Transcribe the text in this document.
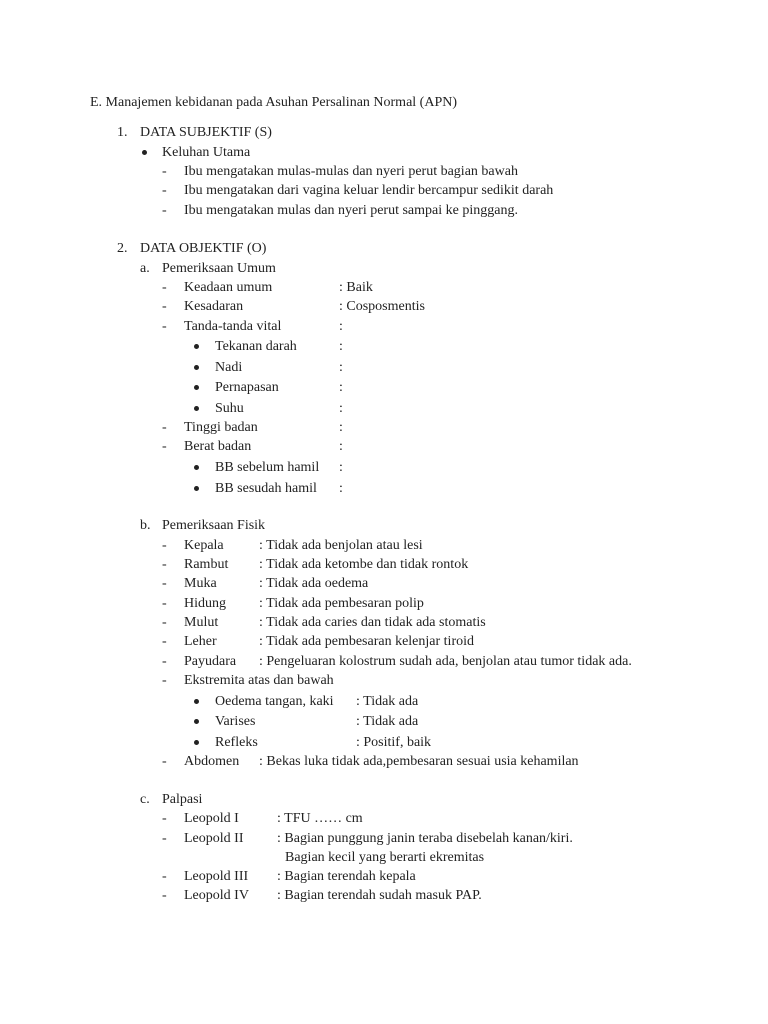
E. Manajemen kebidanan pada Asuhan Persalinan Normal (APN)
1. DATA SUBJEKTIF (S)
Keluhan Utama
- Ibu mengatakan mulas-mulas dan nyeri perut bagian bawah
- Ibu mengatakan dari vagina keluar lendir bercampur sedikit darah
- Ibu mengatakan mulas dan nyeri perut sampai ke pinggang.
2. DATA OBJEKTIF (O)
a. Pemeriksaan Umum
- Keadaan umum	: Baik
- Kesadaran	: Cosposmentis
- Tanda-tanda vital	:
Tekanan darah	:
Nadi	:
Pernapasan	:
Suhu	:
- Tinggi badan	:
- Berat badan	:
BB sebelum hamil :
BB sesudah hamil :
b. Pemeriksaan Fisik
- Kepala	: Tidak ada benjolan atau lesi
- Rambut : Tidak ada ketombe dan tidak rontok
- Muka	: Tidak ada oedema
- Hidung : Tidak ada pembesaran polip
- Mulut	: Tidak ada caries dan tidak ada stomatis
- Leher	: Tidak ada pembesaran kelenjar tiroid
- Payudara : Pengeluaran kolostrum sudah ada, benjolan atau tumor tidak ada.
- Ekstremita atas dan bawah
Oedema tangan, kaki : Tidak ada
Varises	: Tidak ada
Refleks	: Positif, baik
- Abdomen : Bekas luka tidak ada,pembesaran sesuai usia kehamilan
c. Palpasi
- Leopold I	: TFU …… cm
- Leopold II : Bagian punggung janin teraba disebelah kanan/kiri.
Bagian kecil yang berarti ekremitas
- Leopold III : Bagian terendah kepala
- Leopold IV : Bagian terendah sudah masuk PAP.
